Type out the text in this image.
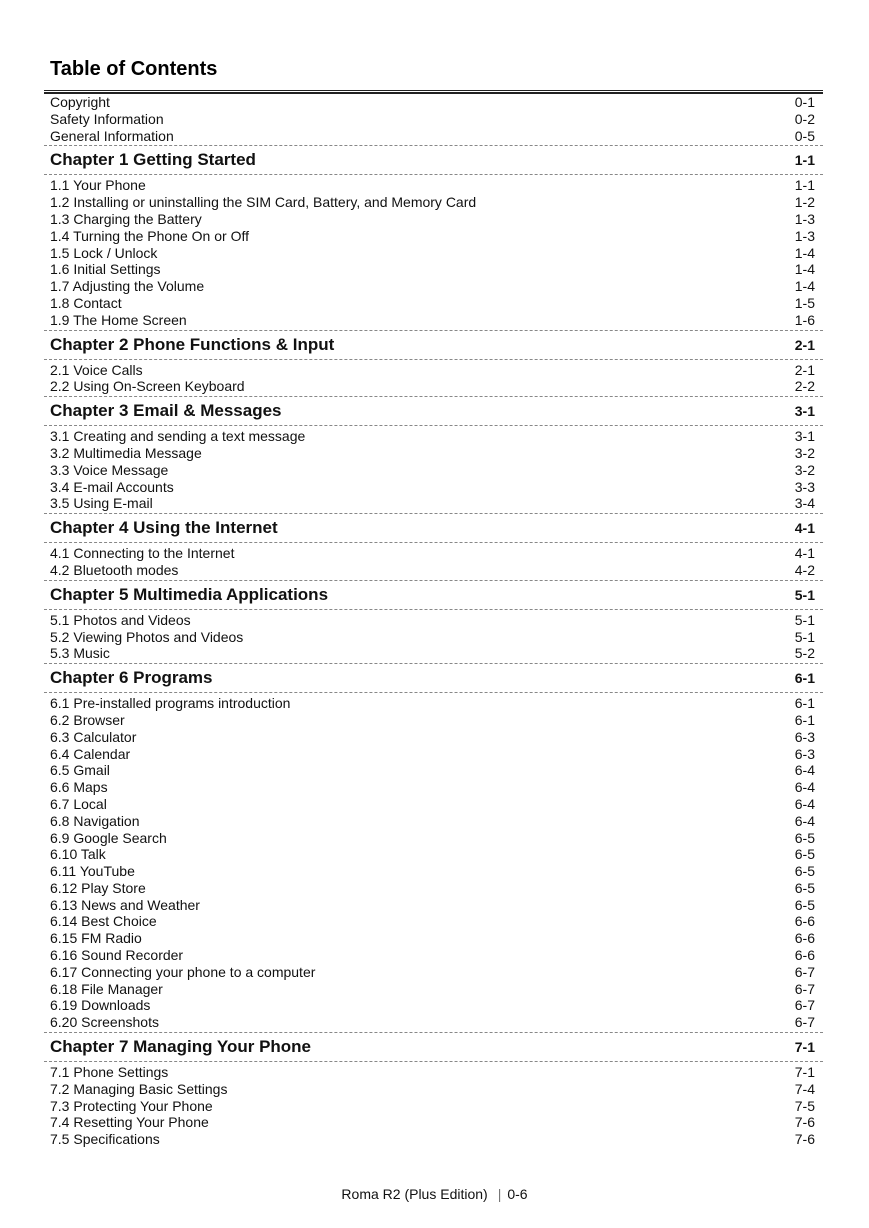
Table of Contents
Copyright	0-1
Safety Information	0-2
General Information	0-5
Chapter 1 Getting Started	1-1
1.1 Your Phone	1-1
1.2 Installing or uninstalling the SIM Card, Battery, and Memory Card	1-2
1.3 Charging the Battery	1-3
1.4 Turning the Phone On or Off	1-3
1.5 Lock / Unlock	1-4
1.6 Initial Settings	1-4
1.7 Adjusting the Volume	1-4
1.8 Contact	1-5
1.9 The Home Screen	1-6
Chapter 2 Phone Functions & Input	2-1
2.1 Voice Calls	2-1
2.2 Using On-Screen Keyboard	2-2
Chapter 3 Email & Messages	3-1
3.1 Creating and sending a text message	3-1
3.2 Multimedia Message	3-2
3.3 Voice Message	3-2
3.4 E-mail Accounts	3-3
3.5 Using E-mail	3-4
Chapter 4 Using the Internet	4-1
4.1 Connecting to the Internet	4-1
4.2 Bluetooth modes	4-2
Chapter 5 Multimedia Applications	5-1
5.1 Photos and Videos	5-1
5.2 Viewing Photos and Videos	5-1
5.3 Music	5-2
Chapter 6 Programs	6-1
6.1 Pre-installed programs introduction	6-1
6.2 Browser	6-1
6.3 Calculator	6-3
6.4 Calendar	6-3
6.5 Gmail	6-4
6.6 Maps	6-4
6.7 Local	6-4
6.8 Navigation	6-4
6.9 Google Search	6-5
6.10 Talk	6-5
6.11 YouTube	6-5
6.12 Play Store	6-5
6.13 News and Weather	6-5
6.14 Best Choice	6-6
6.15 FM Radio	6-6
6.16 Sound Recorder	6-6
6.17 Connecting your phone to a computer	6-7
6.18 File Manager	6-7
6.19 Downloads	6-7
6.20 Screenshots	6-7
Chapter 7 Managing Your Phone	7-1
7.1 Phone Settings	7-1
7.2 Managing Basic Settings	7-4
7.3 Protecting Your Phone	7-5
7.4 Resetting Your Phone	7-6
7.5 Specifications	7-6
Roma R2 (Plus Edition) | 0-6
